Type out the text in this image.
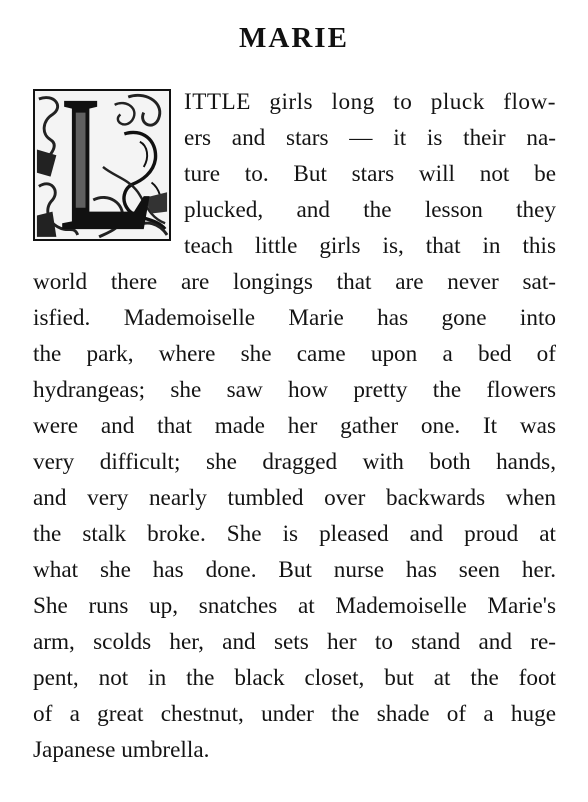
MARIE
ITTLE girls long to pluck flow-
ers and stars — it is their na-
ture to. But stars will not be
plucked, and the lesson they
teach little girls is, that in this
world there are longings that are never sat-
isfied. Mademoiselle Marie has gone into
the park, where she came upon a bed of
hydrangeas; she saw how pretty the flowers
were and that made her gather one. It was
very difficult; she dragged with both hands,
and very nearly tumbled over backwards when
the stalk broke. She is pleased and proud at
what she has done. But nurse has seen her.
She runs up, snatches at Mademoiselle Marie's
arm, scolds her, and sets her to stand and re-
pent, not in the black closet, but at the foot
of a great chestnut, under the shade of a huge
Japanese umbrella.
